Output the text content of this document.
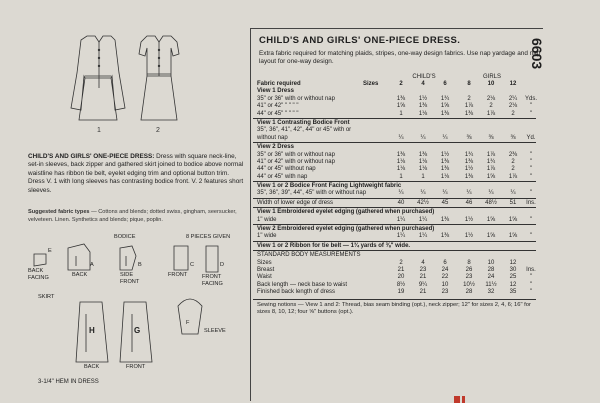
1	2
CHILD'S AND GIRLS' ONE-PIECE DRESS: Dress with square neck-line, set-in sleeves, back zipper and gathered skirt joined to bodice above normal waistline has ribbon tie belt, eyelet edging trim and optional button trim. Dress V. 1 with long sleeves has contrasting bodice front. V. 2 features short sleeves.
Suggested fabric types — Cottons and blends; dotted swiss, gingham, seersucker, velveteen. Linen. Synthetics and blends; pique, poplin.
BODICE	8 PIECES GIVEN
E
BACK FACING
A
BACK
B
SIDE FRONT
C
FRONT
D
FRONT FACING
SKIRT
H
BACK
G
FRONT
F
SLEEVE
3-1/4" HEM IN DRESS
CHILD'S AND GIRLS' ONE-PIECE DRESS.
Extra fabric required for matching plaids, stripes, one-way design fabrics. Use nap yardage and nap layout for one-way design.
CHILD'S	GIRLS
Fabric required	Sizes	2	4	6	8	10	12
View 1 Dress
35" or 36" with or without nap	1⅜	1½	1¾	2	2⅛	2¼	Yds.
41" or 42" " " " "	1⅝	1⅜	1⅝	1⅞	2	2⅛	"
44" or 45" " " " "	1	1⅛	1⅜	1⅜	1⅞	2	"
View 1 Contrasting Bodice Front
35", 36", 41", 42", 44" or 45" with or
without nap	¼	¼	¼	⅜	⅜	⅜	Yd.
View 2 Dress
35" or 36" with or without nap	1⅜	1⅜	1½	1¾	1⅞	2⅜	"
41" or 42" with or without nap	1⅛	1⅛	1⅜	1⅜	1¾	2	"
44" or 45" without nap	1⅛	1⅛	1⅜	1½	1⅞	2	"
44" or 45" with nap	1	1	1⅛	1⅜	1⅝	1⅞	"
View 1 or 2 Bodice Front Facing Lightweight fabric
35", 36", 39", 44", 45" with or without nap	¼	¼	¼	¼	¼	¼	"
Width of lower edge of dress	40	42½	45	46	48½	51	Ins.
View 1 Embroidered eyelet edging (gathered when purchased)
1" wide	1¼	1¼	1⅜	1½	1⅝	1⅝	"
View 2 Embroidered eyelet edging (gathered when purchased)
1" wide	1¼	1¼	1⅜	1½	1⅝	1⅝	"
View 1 or 2 Ribbon for tie belt — 1¾ yards of ⅜" wide.
STANDARD BODY MEASUREMENTS
Sizes	2	4	6	8	10	12
Breast	21	23	24	26	28	30	Ins.
Waist	20	21	22	23	24	25	"
Back length — neck base to waist	8½	9¼	10	10½	11½	12	"
Finished back length of dress	19	21	23	28	32	35	"
Sewing notions — View 1 and 2: Thread, bias seam binding (opt.), neck zipper; 12" for sizes 2, 4, 6; 16" for sizes 8, 10, 12; four ⅝" buttons (opt.).
6603
